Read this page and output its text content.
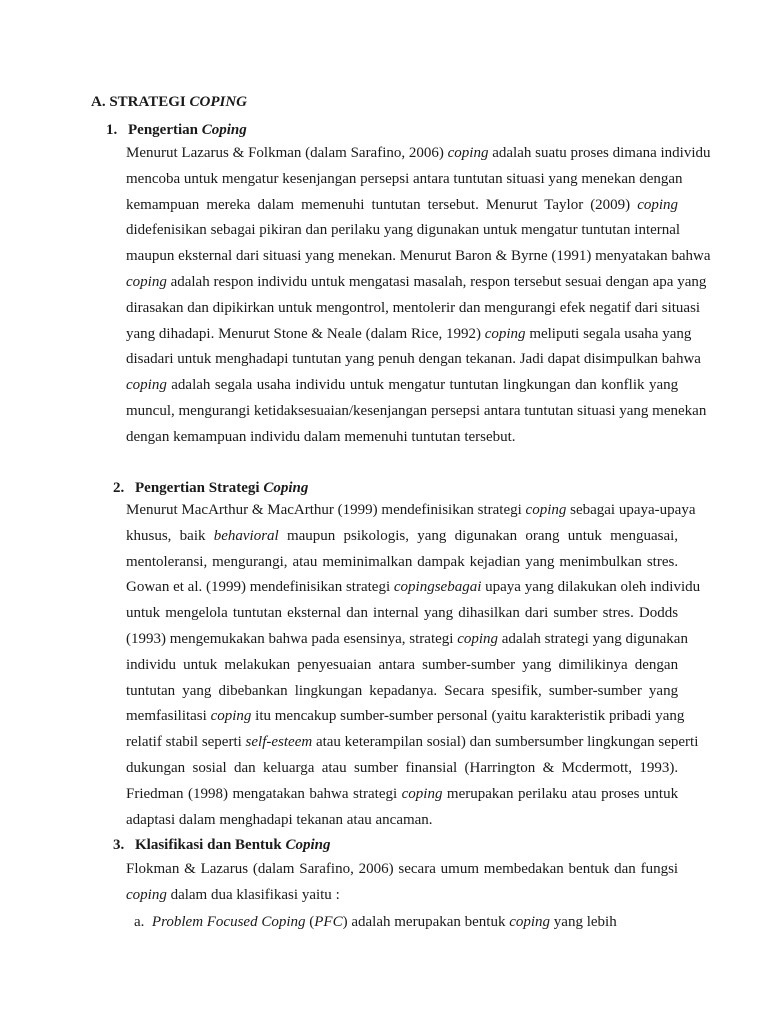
A. STRATEGI COPING
1. Pengertian Coping
Menurut Lazarus & Folkman (dalam Sarafino, 2006) coping adalah suatu proses dimana individu
mencoba untuk mengatur kesenjangan persepsi antara tuntutan situasi yang menekan dengan
kemampuan mereka dalam memenuhi tuntutan tersebut. Menurut Taylor (2009) coping
didefenisikan sebagai pikiran dan perilaku yang digunakan untuk mengatur tuntutan internal
maupun eksternal dari situasi yang menekan. Menurut Baron & Byrne (1991) menyatakan bahwa
coping adalah respon individu untuk mengatasi masalah, respon tersebut sesuai dengan apa yang
dirasakan dan dipikirkan untuk mengontrol, mentolerir dan mengurangi efek negatif dari situasi
yang dihadapi. Menurut Stone & Neale (dalam Rice, 1992) coping meliputi segala usaha yang
disadari untuk menghadapi tuntutan yang penuh dengan tekanan. Jadi dapat disimpulkan bahwa
coping adalah segala usaha individu untuk mengatur tuntutan lingkungan dan konflik yang
muncul, mengurangi ketidaksesuaian/kesenjangan persepsi antara tuntutan situasi yang menekan
dengan kemampuan individu dalam memenuhi tuntutan tersebut.
2. Pengertian Strategi Coping
Menurut MacArthur & MacArthur (1999) mendefinisikan strategi coping sebagai upaya-upaya
khusus, baik behavioral maupun psikologis, yang digunakan orang untuk menguasai,
mentoleransi, mengurangi, atau meminimalkan dampak kejadian yang menimbulkan stres.
Gowan et al. (1999) mendefinisikan strategi copingsebagai upaya yang dilakukan oleh individu
untuk mengelola tuntutan eksternal dan internal yang dihasilkan dari sumber stres. Dodds
(1993) mengemukakan bahwa pada esensinya, strategi coping adalah strategi yang digunakan
individu untuk melakukan penyesuaian antara sumber-sumber yang dimilikinya dengan
tuntutan yang dibebankan lingkungan kepadanya. Secara spesifik, sumber-sumber yang
memfasilitasi coping itu mencakup sumber-sumber personal (yaitu karakteristik pribadi yang
relatif stabil seperti self-esteem atau keterampilan sosial) dan sumbersumber lingkungan seperti
dukungan sosial dan keluarga atau sumber finansial (Harrington & Mcdermott, 1993).
Friedman (1998) mengatakan bahwa strategi coping merupakan perilaku atau proses untuk
adaptasi dalam menghadapi tekanan atau ancaman.
3. Klasifikasi dan Bentuk Coping
Flokman & Lazarus (dalam Sarafino, 2006) secara umum membedakan bentuk dan fungsi
coping dalam dua klasifikasi yaitu :
a. Problem Focused Coping (PFC) adalah merupakan bentuk coping yang lebih
